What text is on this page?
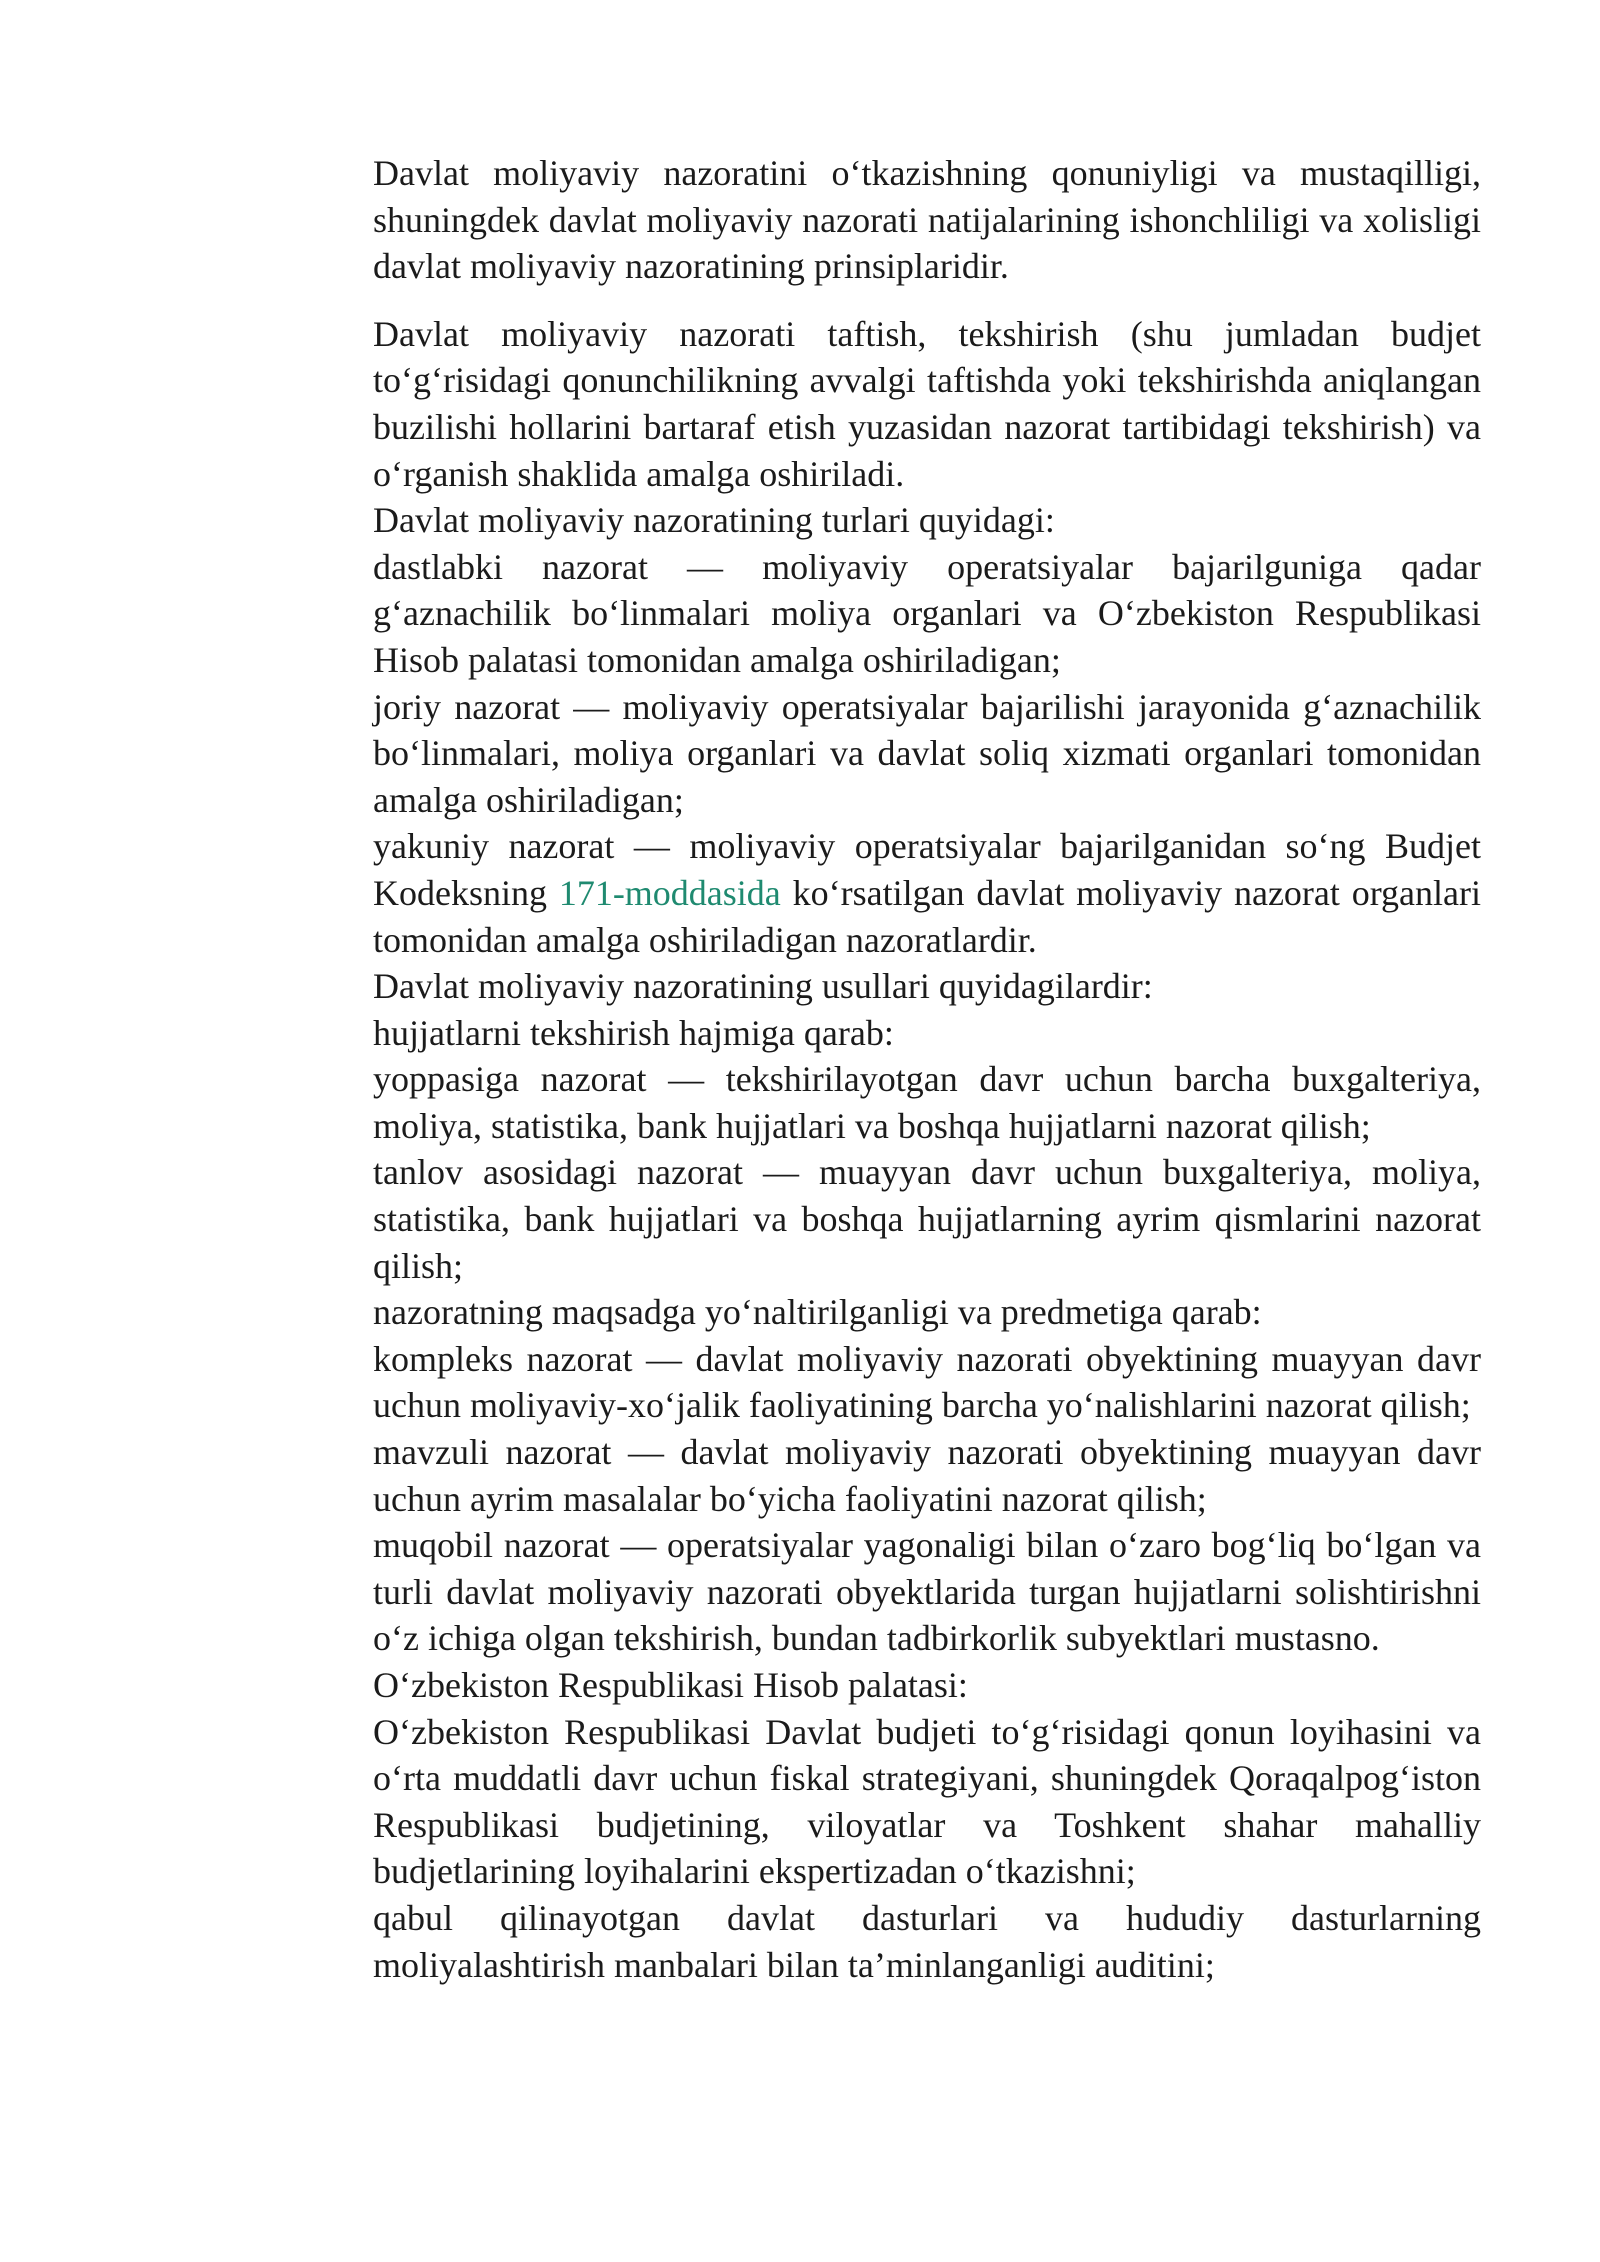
Davlat moliyaviy nazoratini o‘tkazishning qonuniyligi va mustaqilligi, shuningdek davlat moliyaviy nazorati natijalarining ishonchliligi va xolisligi davlat moliyaviy nazoratining prinsiplaridir.

Davlat moliyaviy nazorati taftish, tekshirish (shu jumladan budjet to‘g‘risidagi qonunchilikning avvalgi taftishda yoki tekshirishda aniqlangan buzilishi hollarini bartaraf etish yuzasidan nazorat tartibidagi tekshirish) va o‘rganish shaklida amalga oshiriladi.

Davlat moliyaviy nazoratining turlari quyidagi:

dastlabki nazorat — moliyaviy operatsiyalar bajarilguniga qadar g‘aznachilik bo‘linmalari moliya organlari va O‘zbekiston Respublikasi Hisob palatasi tomonidan amalga oshiriladigan;

joriy nazorat — moliyaviy operatsiyalar bajarilishi jarayonida g‘aznachilik bo‘linmalari, moliya organlari va davlat soliq xizmati organlari tomonidan amalga oshiriladigan;

yakuniy nazorat — moliyaviy operatsiyalar bajarilganidan so‘ng Budjet Kodeksning 171-moddasida ko‘rsatilgan davlat moliyaviy nazorat organlari tomonidan amalga oshiriladigan nazoratlardir.

Davlat moliyaviy nazoratining usullari quyidagilardir:

hujjatlarni tekshirish hajmiga qarab:

yoppasiga nazorat — tekshirilayotgan davr uchun barcha buxgalteriya, moliya, statistika, bank hujjatlari va boshqa hujjatlarni nazorat qilish;

tanlov asosidagi nazorat — muayyan davr uchun buxgalteriya, moliya, statistika, bank hujjatlari va boshqa hujjatlarning ayrim qismlarini nazorat qilish;

nazoratning maqsadga yo‘naltirilganligi va predmetiga qarab:

kompleks nazorat — davlat moliyaviy nazorati obyektining muayyan davr uchun moliyaviy-xo‘jalik faoliyatining barcha yo‘nalishlarini nazorat qilish;

mavzuli nazorat — davlat moliyaviy nazorati obyektining muayyan davr uchun ayrim masalalar bo‘yicha faoliyatini nazorat qilish;

muqobil nazorat — operatsiyalar yagonaligi bilan o‘zaro bog‘liq bo‘lgan va turli davlat moliyaviy nazorati obyektlarida turgan hujjatlarni solishtirishni o‘z ichiga olgan tekshirish, bundan tadbirkorlik subyektlari mustasno.

O‘zbekiston Respublikasi Hisob palatasi:

O‘zbekiston Respublikasi Davlat budjeti to‘g‘risidagi qonun loyihasini va o‘rta muddatli davr uchun fiskal strategiyani, shuningdek Qoraqalpog‘iston Respublikasi budjetining, viloyatlar va Toshkent shahar mahalliy budjetlarining loyihalarini ekspertizadan o‘tkazishni;

qabul qilinayotgan davlat dasturlari va hududiy dasturlarning moliyalashtirish manbalari bilan ta’minlanganligi auditini;
